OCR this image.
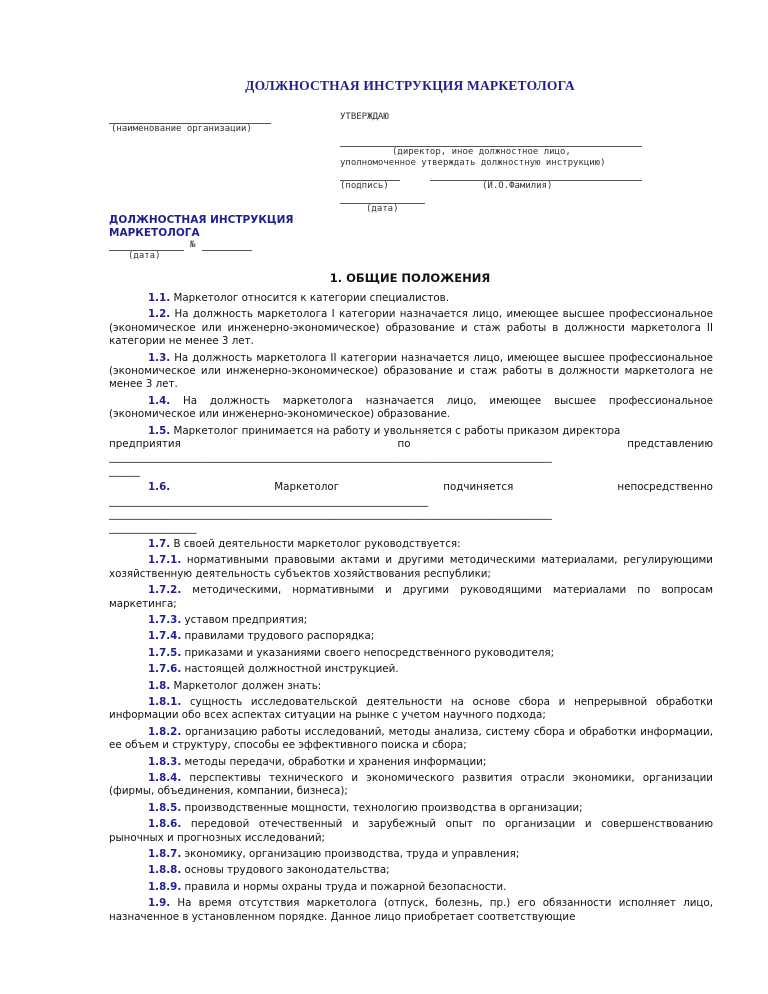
ДОЛЖНОСТНАЯ ИНСТРУКЦИЯ МАРКЕТОЛОГА
(наименование организации)
УТВЕРЖДАЮ
(директор, иное должностное лицо,
уполномоченное утверждать должностную инструкцию)
(подпись)	(И.О.Фамилия)
(дата)
ДОЛЖНОСТНАЯ ИНСТРУКЦИЯ
МАРКЕТОЛОГА
№
(дата)
1. ОБЩИЕ ПОЛОЖЕНИЯ

1.1. Маркетолог относится к категории специалистов.

1.2. На должность маркетолога I категории назначается лицо, имеющее высшее профессиональное (экономическое или инженерно-экономическое) образование и стаж работы в должности маркетолога II категории не менее 3 лет.

1.3. На должность маркетолога II категории назначается лицо, имеющее высшее профессиональное (экономическое или инженерно-экономическое) образование и стаж работы в должности маркетолога не менее 3 лет.

1.4. На должность маркетолога назначается лицо, имеющее высшее профессиональное (экономическое или инженерно-экономическое) образование.

1.5. Маркетолог принимается на работу и увольняется с работы приказом директора

предприятия	по	представлению
______________________________________________________________________________________
______
1.6.	Маркетолог	подчиняется	непосредственно
______________________________________________________________
______________________________________________________________________________________
_________________

1.7. В своей деятельности маркетолог руководствуется:

1.7.1. нормативными правовыми актами и другими методическими материалами, регулирующими хозяйственную деятельность субъектов хозяйствования республики;

1.7.2. методическими, нормативными и другими руководящими материалами по вопросам маркетинга;

1.7.3. уставом предприятия;

1.7.4. правилами трудового распорядка;

1.7.5. приказами и указаниями своего непосредственного руководителя;

1.7.6. настоящей должностной инструкцией.

1.8. Маркетолог должен знать:

1.8.1. сущность исследовательской деятельности на основе сбора и непрерывной обработки информации обо всех аспектах ситуации на рынке с учетом научного подхода;

1.8.2. организацию работы исследований, методы анализа, систему сбора и обработки информации, ее объем и структуру, способы ее эффективного поиска и сбора;

1.8.3. методы передачи, обработки и хранения информации;

1.8.4. перспективы технического и экономического развития отрасли экономики, организации (фирмы, объединения, компании, бизнеса);

1.8.5. производственные мощности, технологию производства в организации;

1.8.6. передовой отечественный и зарубежный опыт по организации и совершенствованию рыночных и прогнозных исследований;

1.8.7. экономику, организацию производства, труда и управления;

1.8.8. основы трудового законодательства;

1.8.9. правила и нормы охраны труда и пожарной безопасности.

1.9. На время отсутствия маркетолога (отпуск, болезнь, пр.) его обязанности исполняет лицо, назначенное в установленном порядке. Данное лицо приобретает соответствующие
